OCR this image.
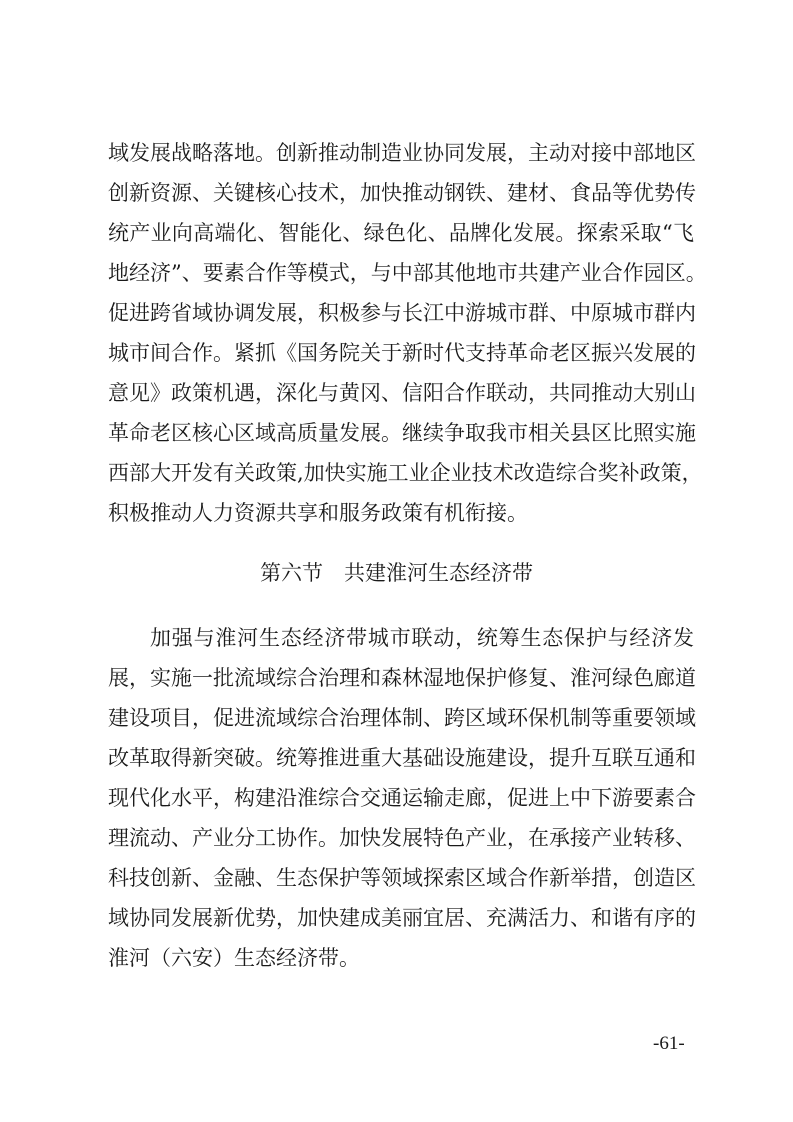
域发展战略落地。创新推动制造业协同发展，主动对接中部地区
创新资源、关键核心技术，加快推动钢铁、建材、食品等优势传
统产业向高端化、智能化、绿色化、品牌化发展。探索采取“飞
地经济”、要素合作等模式，与中部其他地市共建产业合作园区。
促进跨省域协调发展，积极参与长江中游城市群、中原城市群内
城市间合作。紧抓《国务院关于新时代支持革命老区振兴发展的
意见》政策机遇，深化与黄冈、信阳合作联动，共同推动大别山
革命老区核心区域高质量发展。继续争取我市相关县区比照实施
西部大开发有关政策,加快实施工业企业技术改造综合奖补政策，
积极推动人力资源共享和服务政策有机衔接。
第六节　共建淮河生态经济带
加强与淮河生态经济带城市联动，统筹生态保护与经济发
展，实施一批流域综合治理和森林湿地保护修复、淮河绿色廊道
建设项目，促进流域综合治理体制、跨区域环保机制等重要领域
改革取得新突破。统筹推进重大基础设施建设，提升互联互通和
现代化水平，构建沿淮综合交通运输走廊，促进上中下游要素合
理流动、产业分工协作。加快发展特色产业，在承接产业转移、
科技创新、金融、生态保护等领域探索区域合作新举措，创造区
域协同发展新优势，加快建成美丽宜居、充满活力、和谐有序的
淮河（六安）生态经济带。
-61-
